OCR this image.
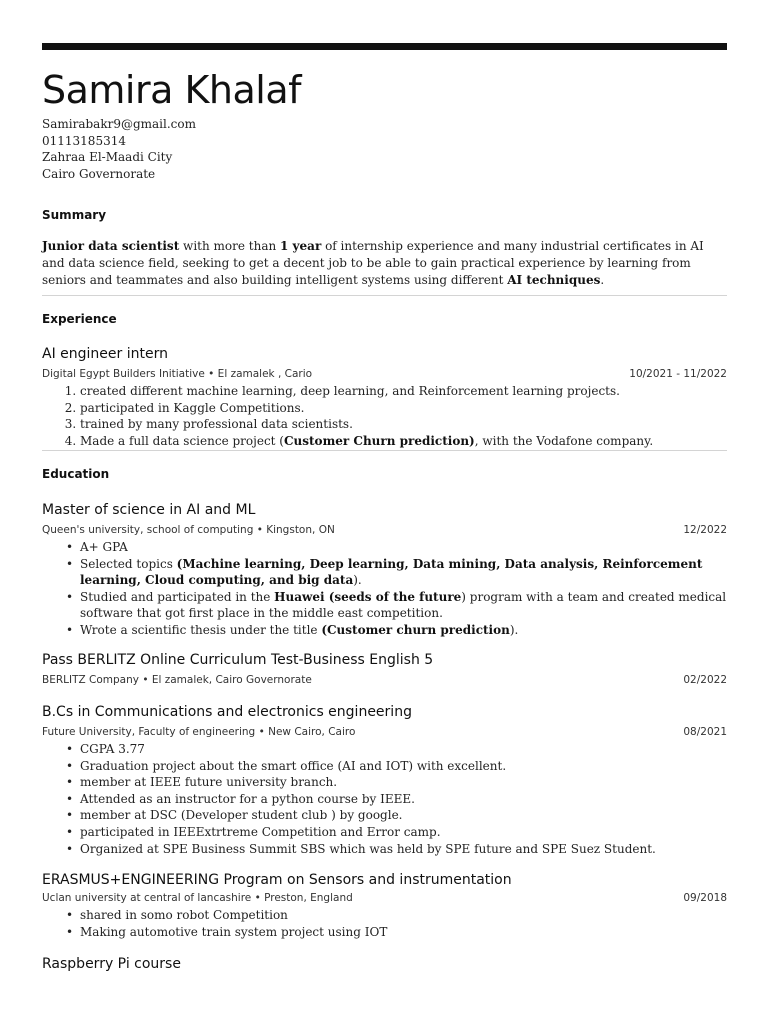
Samira Khalaf
Samirabakr9@gmail.com
01113185314
Zahraa El-Maadi City
Cairo Governorate
Summary
Junior data scientist with more than 1 year of internship experience and many industrial certificates in AI and data science field, seeking to get a decent job to be able to gain practical experience by learning from seniors and teammates and also building intelligent systems using different AI techniques.
Experience
AI engineer intern
Digital Egypt Builders Initiative • El zamalek , Cario	10/2021 - 11/2022
1. created different machine learning, deep learning, and Reinforcement learning projects.
2. participated in Kaggle Competitions.
3. trained by many professional data scientists.
4. Made a full data science project (Customer Churn prediction), with the Vodafone company.
Education
Master of science in AI and ML
Queen's university, school of computing • Kingston, ON	12/2022
• A+ GPA
• Selected topics (Machine learning, Deep learning, Data mining, Data analysis, Reinforcement learning, Cloud computing, and big data).
• Studied and participated in the Huawei (seeds of the future) program with a team and created medical software that got first place in the middle east competition.
• Wrote a scientific thesis under the title (Customer churn prediction).
Pass BERLITZ Online Curriculum Test-Business English 5
BERLITZ Company • El zamalek, Cairo Governorate	02/2022
B.Cs in Communications and electronics engineering
Future University, Faculty of engineering • New Cairo, Cairo	08/2021
• CGPA 3.77
• Graduation project about the smart office (AI and IOT) with excellent.
• member at IEEE future university branch.
• Attended as an instructor for a python course by IEEE.
• member at DSC (Developer student club ) by google.
• participated in IEEExtrtreme Competition and Error camp.
• Organized at SPE Business Summit SBS which was held by SPE future and SPE Suez Student.
ERASMUS+ENGINEERING Program on Sensors and instrumentation
Uclan university at central of lancashire • Preston, England	09/2018
• shared in somo robot Competition
• Making automotive train system project using IOT
Raspberry Pi course
